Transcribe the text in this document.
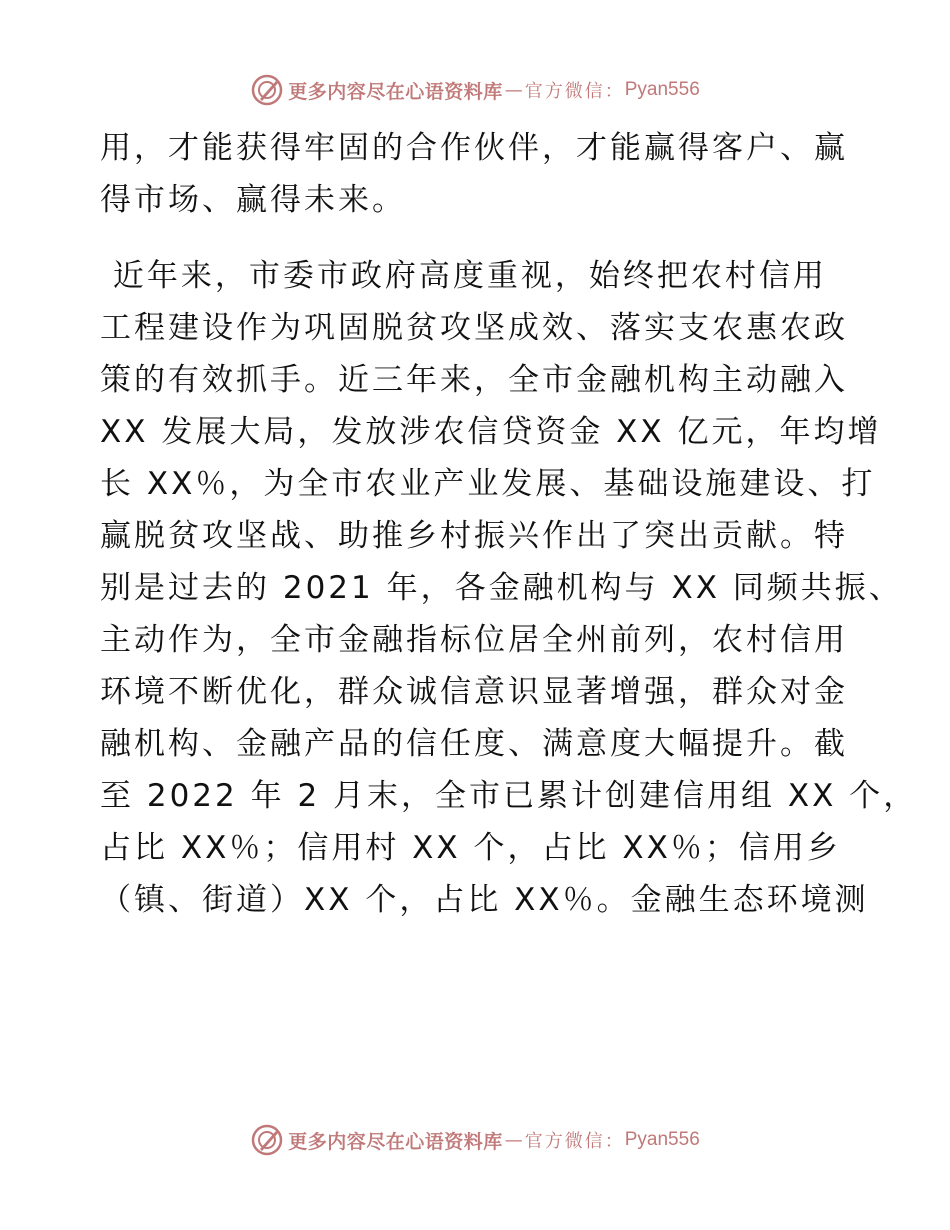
更多内容尽在心语资料库 — 官方微信： Pyan556
用，才能获得牢固的合作伙伴，才能赢得客户、赢
得市场、赢得未来。
近年来，市委市政府高度重视，始终把农村信用
工程建设作为巩固脱贫攻坚成效、落实支农惠农政
策的有效抓手。近三年来，全市金融机构主动融入
XX 发展大局，发放涉农信贷资金 XX 亿元，年均增
长 XX％，为全市农业产业发展、基础设施建设、打
赢脱贫攻坚战、助推乡村振兴作出了突出贡献。特
别是过去的 2021 年，各金融机构与 XX 同频共振、
主动作为，全市金融指标位居全州前列，农村信用
环境不断优化，群众诚信意识显著增强，群众对金
融机构、金融产品的信任度、满意度大幅提升。截
至 2022 年 2 月末，全市已累计创建信用组 XX 个，
占比 XX％；信用村 XX 个，占比 XX％；信用乡
（镇、街道）XX 个，占比 XX％。金融生态环境测
更多内容尽在心语资料库 — 官方微信： Pyan556
